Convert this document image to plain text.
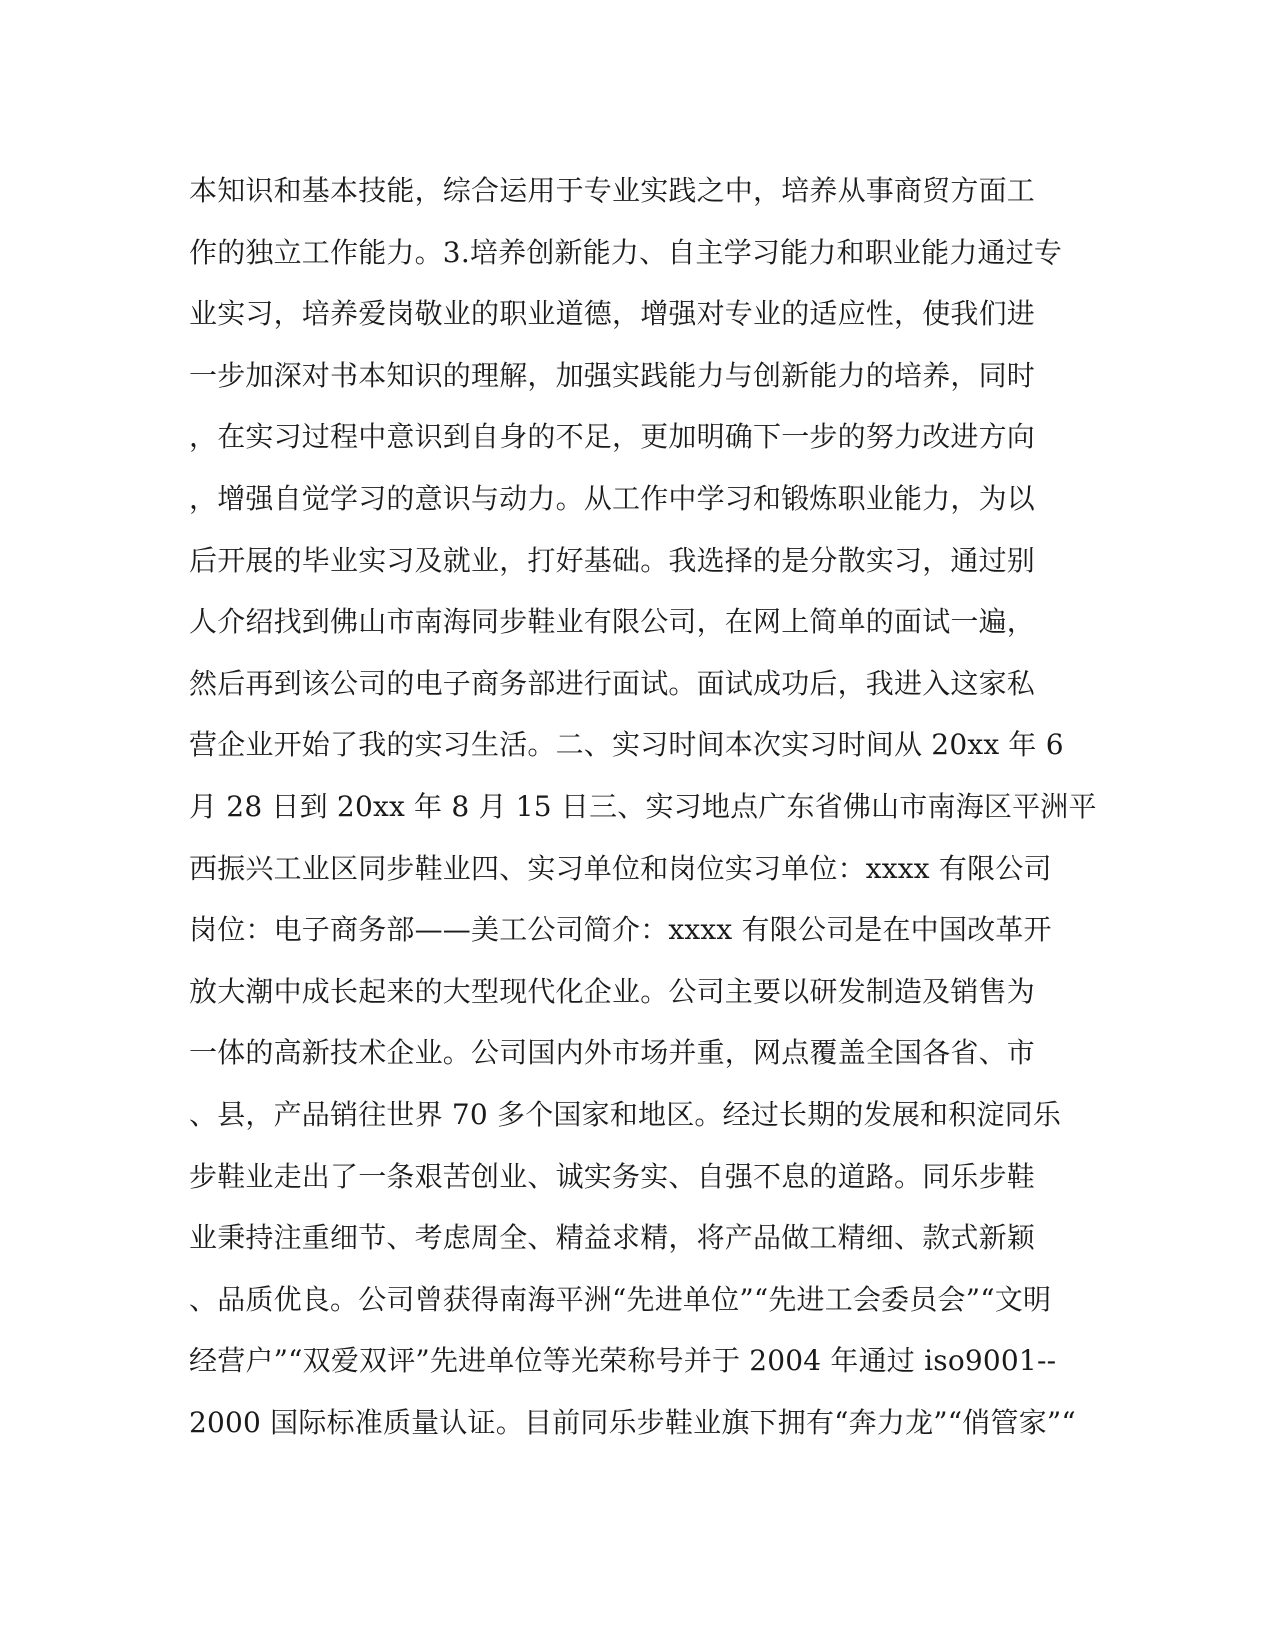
本知识和基本技能，综合运用于专业实践之中，培养从事商贸方面工
作的独立工作能力。3.培养创新能力、自主学习能力和职业能力通过专
业实习，培养爱岗敬业的职业道德，增强对专业的适应性，使我们进
一步加深对书本知识的理解，加强实践能力与创新能力的培养，同时
，在实习过程中意识到自身的不足，更加明确下一步的努力改进方向
，增强自觉学习的意识与动力。从工作中学习和锻炼职业能力，为以
后开展的毕业实习及就业，打好基础。我选择的是分散实习，通过别
人介绍找到佛山市南海同步鞋业有限公司，在网上简单的面试一遍，
然后再到该公司的电子商务部进行面试。面试成功后，我进入这家私
营企业开始了我的实习生活。二、实习时间本次实习时间从 20xx 年 6
月 28 日到 20xx 年 8 月 15 日三、实习地点广东省佛山市南海区平洲平
西振兴工业区同步鞋业四、实习单位和岗位实习单位：xxxx 有限公司
岗位：电子商务部——美工公司简介：xxxx 有限公司是在中国改革开
放大潮中成长起来的大型现代化企业。公司主要以研发制造及销售为
一体的高新技术企业。公司国内外市场并重，网点覆盖全国各省、市
、县，产品销往世界 70 多个国家和地区。经过长期的发展和积淀同乐
步鞋业走出了一条艰苦创业、诚实务实、自强不息的道路。同乐步鞋
业秉持注重细节、考虑周全、精益求精，将产品做工精细、款式新颖
、品质优良。公司曾获得南海平洲“先进单位”“先进工会委员会”“文明
经营户”“双爱双评”先进单位等光荣称号并于 2004 年通过 iso9001--
2000 国际标准质量认证。目前同乐步鞋业旗下拥有“奔力龙”“俏管家”“
